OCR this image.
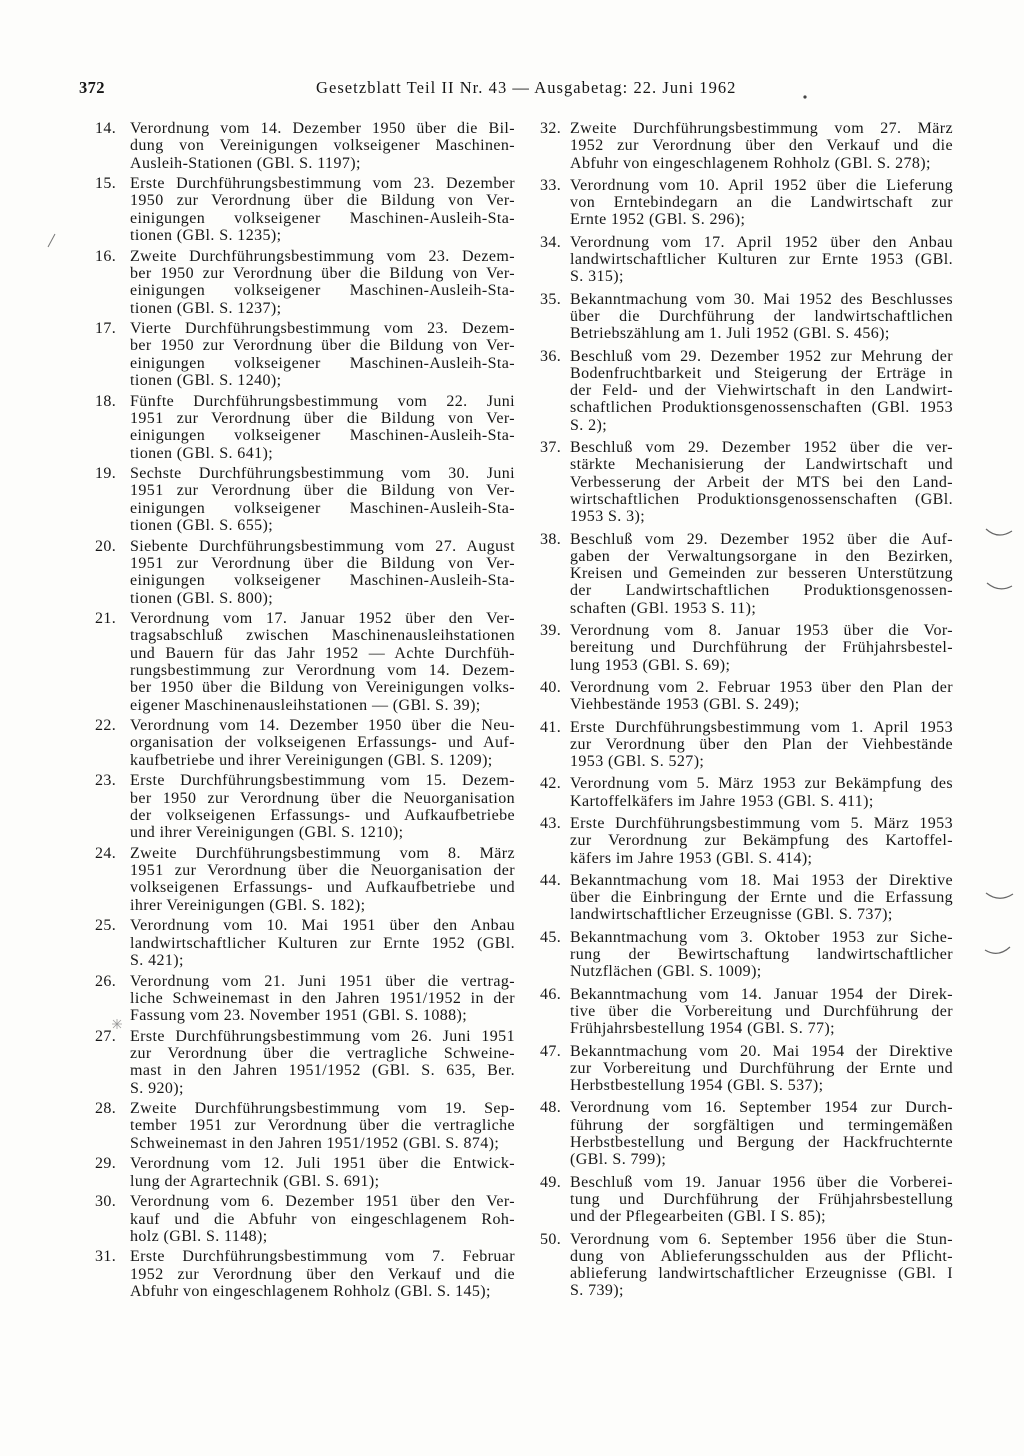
372	Gesetzblatt Teil II Nr. 43 — Ausgabetag: 22. Juni 1962
14. Verordnung vom 14. Dezember 1950 über die Bil-
dung von Vereinigungen volkseigener Maschinen-
Ausleih-Stationen (GBl. S. 1197);
15. Erste Durchführungsbestimmung vom 23. Dezember
1950 zur Verordnung über die Bildung von Ver-
einigungen volkseigener Maschinen-Ausleih-Sta-
tionen (GBl. S. 1235);
16. Zweite Durchführungsbestimmung vom 23. Dezem-
ber 1950 zur Verordnung über die Bildung von Ver-
einigungen volkseigener Maschinen-Ausleih-Sta-
tionen (GBl. S. 1237);
17. Vierte Durchführungsbestimmung vom 23. Dezem-
ber 1950 zur Verordnung über die Bildung von Ver-
einigungen volkseigener Maschinen-Ausleih-Sta-
tionen (GBl. S. 1240);
18. Fünfte Durchführungsbestimmung vom 22. Juni
1951 zur Verordnung über die Bildung von Ver-
einigungen volkseigener Maschinen-Ausleih-Sta-
tionen (GBl. S. 641);
19. Sechste Durchführungsbestimmung vom 30. Juni
1951 zur Verordnung über die Bildung von Ver-
einigungen volkseigener Maschinen-Ausleih-Sta-
tionen (GBl. S. 655);
20. Siebente Durchführungsbestimmung vom 27. August
1951 zur Verordnung über die Bildung von Ver-
einigungen volkseigener Maschinen-Ausleih-Sta-
tionen (GBl. S. 800);
21. Verordnung vom 17. Januar 1952 über den Ver-
tragsabschluß zwischen Maschinenausleihstationen
und Bauern für das Jahr 1952 — Achte Durchfüh-
rungsbestimmung zur Verordnung vom 14. Dezem-
ber 1950 über die Bildung von Vereinigungen volks-
eigener Maschinenausleihstationen — (GBl. S. 39);
22. Verordnung vom 14. Dezember 1950 über die Neu-
organisation der volkseigenen Erfassungs- und Auf-
kaufbetriebe und ihrer Vereinigungen (GBl. S. 1209);
23. Erste Durchführungsbestimmung vom 15. Dezem-
ber 1950 zur Verordnung über die Neuorganisation
der volkseigenen Erfassungs- und Aufkaufbetriebe
und ihrer Vereinigungen (GBl. S. 1210);
24. Zweite Durchführungsbestimmung vom 8. März
1951 zur Verordnung über die Neuorganisation der
volkseigenen Erfassungs- und Aufkaufbetriebe und
ihrer Vereinigungen (GBl. S. 182);
25. Verordnung vom 10. Mai 1951 über den Anbau
landwirtschaftlicher Kulturen zur Ernte 1952 (GBl.
S. 421);
26. Verordnung vom 21. Juni 1951 über die vertrag-
liche Schweinemast in den Jahren 1951/1952 in der
Fassung vom 23. November 1951 (GBl. S. 1088);
27. Erste Durchführungsbestimmung vom 26. Juni 1951
zur Verordnung über die vertragliche Schweine-
mast in den Jahren 1951/1952 (GBl. S. 635, Ber.
S. 920);
28. Zweite Durchführungsbestimmung vom 19. Sep-
tember 1951 zur Verordnung über die vertragliche
Schweinemast in den Jahren 1951/1952 (GBl. S. 874);
29. Verordnung vom 12. Juli 1951 über die Entwick-
lung der Agrartechnik (GBl. S. 691);
30. Verordnung vom 6. Dezember 1951 über den Ver-
kauf und die Abfuhr von eingeschlagenem Roh-
holz (GBl. S. 1148);
31. Erste Durchführungsbestimmung vom 7. Februar
1952 zur Verordnung über den Verkauf und die
Abfuhr von eingeschlagenem Rohholz (GBl. S. 145);
32. Zweite Durchführungsbestimmung vom 27. März
1952 zur Verordnung über den Verkauf und die
Abfuhr von eingeschlagenem Rohholz (GBl. S. 278);
33. Verordnung vom 10. April 1952 über die Lieferung
von Erntebindegarn an die Landwirtschaft zur
Ernte 1952 (GBl. S. 296);
34. Verordnung vom 17. April 1952 über den Anbau
landwirtschaftlicher Kulturen zur Ernte 1953 (GBl.
S. 315);
35. Bekanntmachung vom 30. Mai 1952 des Beschlusses
über die Durchführung der landwirtschaftlichen
Betriebszählung am 1. Juli 1952 (GBl. S. 456);
36. Beschluß vom 29. Dezember 1952 zur Mehrung der
Bodenfruchtbarkeit und Steigerung der Erträge in
der Feld- und der Viehwirtschaft in den Landwirt-
schaftlichen Produktionsgenossenschaften (GBl. 1953
S. 2);
37. Beschluß vom 29. Dezember 1952 über die ver-
stärkte Mechanisierung der Landwirtschaft und
Verbesserung der Arbeit der MTS bei den Land-
wirtschaftlichen Produktionsgenossenschaften (GBl.
1953 S. 3);
38. Beschluß vom 29. Dezember 1952 über die Auf-
gaben der Verwaltungsorgane in den Bezirken,
Kreisen und Gemeinden zur besseren Unterstützung
der Landwirtschaftlichen Produktionsgenossen-
schaften (GBl. 1953 S. 11);
39. Verordnung vom 8. Januar 1953 über die Vor-
bereitung und Durchführung der Frühjahrsbestel-
lung 1953 (GBl. S. 69);
40. Verordnung vom 2. Februar 1953 über den Plan der
Viehbestände 1953 (GBl. S. 249);
41. Erste Durchführungsbestimmung vom 1. April 1953
zur Verordnung über den Plan der Viehbestände
1953 (GBl. S. 527);
42. Verordnung vom 5. März 1953 zur Bekämpfung des
Kartoffelkäfers im Jahre 1953 (GBl. S. 411);
43. Erste Durchführungsbestimmung vom 5. März 1953
zur Verordnung zur Bekämpfung des Kartoffel-
käfers im Jahre 1953 (GBl. S. 414);
44. Bekanntmachung vom 18. Mai 1953 der Direktive
über die Einbringung der Ernte und die Erfassung
landwirtschaftlicher Erzeugnisse (GBl. S. 737);
45. Bekanntmachung vom 3. Oktober 1953 zur Siche-
rung der Bewirtschaftung landwirtschaftlicher
Nutzflächen (GBl. S. 1009);
46. Bekanntmachung vom 14. Januar 1954 der Direk-
tive über die Vorbereitung und Durchführung der
Frühjahrsbestellung 1954 (GBl. S. 77);
47. Bekanntmachung vom 20. Mai 1954 der Direktive
zur Vorbereitung und Durchführung der Ernte und
Herbstbestellung 1954 (GBl. S. 537);
48. Verordnung vom 16. September 1954 zur Durch-
führung der sorgfältigen und termingemäßen
Herbstbestellung und Bergung der Hackfruchternte
(GBl. S. 799);
49. Beschluß vom 19. Januar 1956 über die Vorberei-
tung und Durchführung der Frühjahrsbestellung
und der Pflegearbeiten (GBl. I S. 85);
50. Verordnung vom 6. September 1956 über die Stun-
dung von Ablieferungsschulden aus der Pflicht-
ablieferung landwirtschaftlicher Erzeugnisse (GBl. I
S. 739);
